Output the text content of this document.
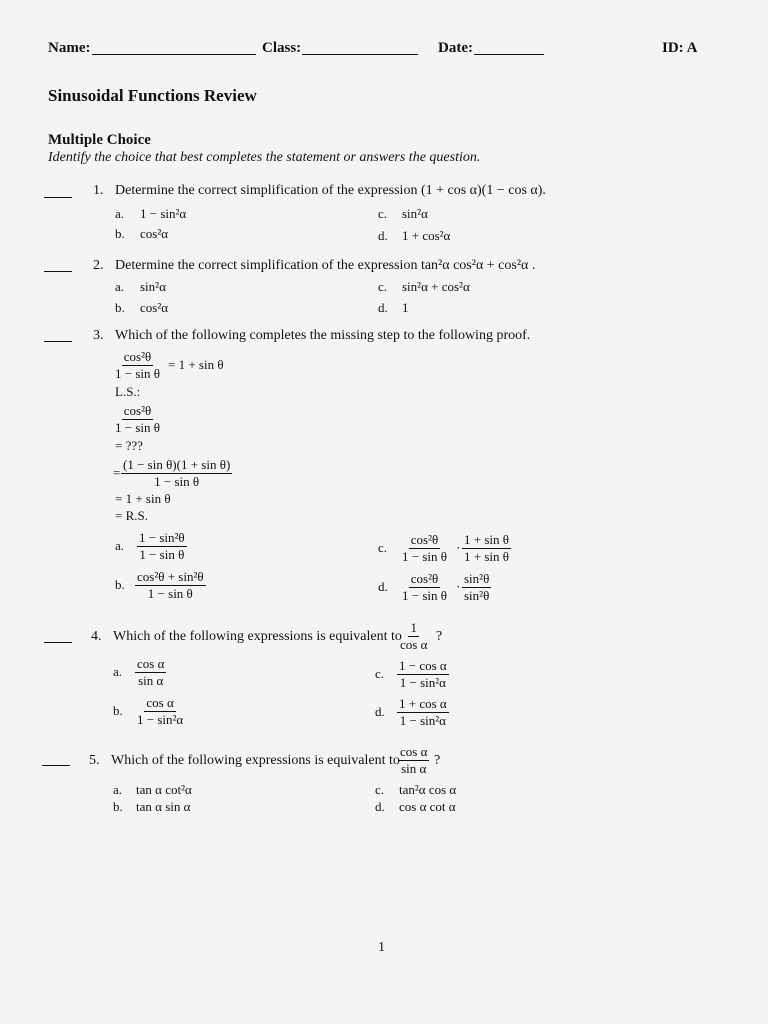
Name:	Class:	Date:	ID: A
Sinusoidal Functions Review
Multiple Choice
Identify the choice that best completes the statement or answers the question.
1. Determine the correct simplification of the expression (1 + cos α)(1 − cos α).
a. 1 − sin²α
b. cos²α
c. sin²α
d. 1 + cos²α
2. Determine the correct simplification of the expression tan²α cos²α + cos²α .
a. sin²α
b. cos²α
c. sin²α + cos²α
d. 1
3. Which of the following completes the missing step to the following proof.
$\frac{\text{cos²θ}}{\text{1 − sin θ}} = 1 + \sin \theta$
L.S.:
$\frac{\text{cos²θ}}{\text{1 − sin θ}}$
= ???
= $\frac{\text{(1 − sin θ)(1 + sin θ)}}{\text{1 − sin θ}}$
= 1 + sin θ
= R.S.
a. $\frac{\text{1 − sin²θ}}{\text{1 − sin θ}}$
b. $\frac{\text{cos²θ + sin²θ}}{\text{1 − sin θ}}$
c. $\frac{\text{cos²θ}}{\text{1 − sin θ}} \cdot \frac{\text{1 + sin θ}}{\text{1 + sin θ}}$
d. $\frac{\text{cos²θ}}{\text{1 − sin θ}} \cdot \frac{\text{sin²θ}}{\text{sin²θ}}$
4. Which of the following expressions is equivalent to
$\frac{1}{\text{cos α}}$ ?
a. $\frac{\text{cos α}}{\text{sin α}}$
b. $\frac{\text{cos α}}{\text{1 − sin²α}}$
c. $\frac{\text{1 − cos α}}{\text{1 − sin²α}}$
d. $\frac{\text{1 + cos α}}{\text{1 − sin²α}}$
5. Which of the following expressions is equivalent to
$\frac{\text{cos α}}{\text{sin α}}$ ?
a. tan α cot²α
b. tan α sin α
c. tan²α cos α
d. cos α cot α
1
